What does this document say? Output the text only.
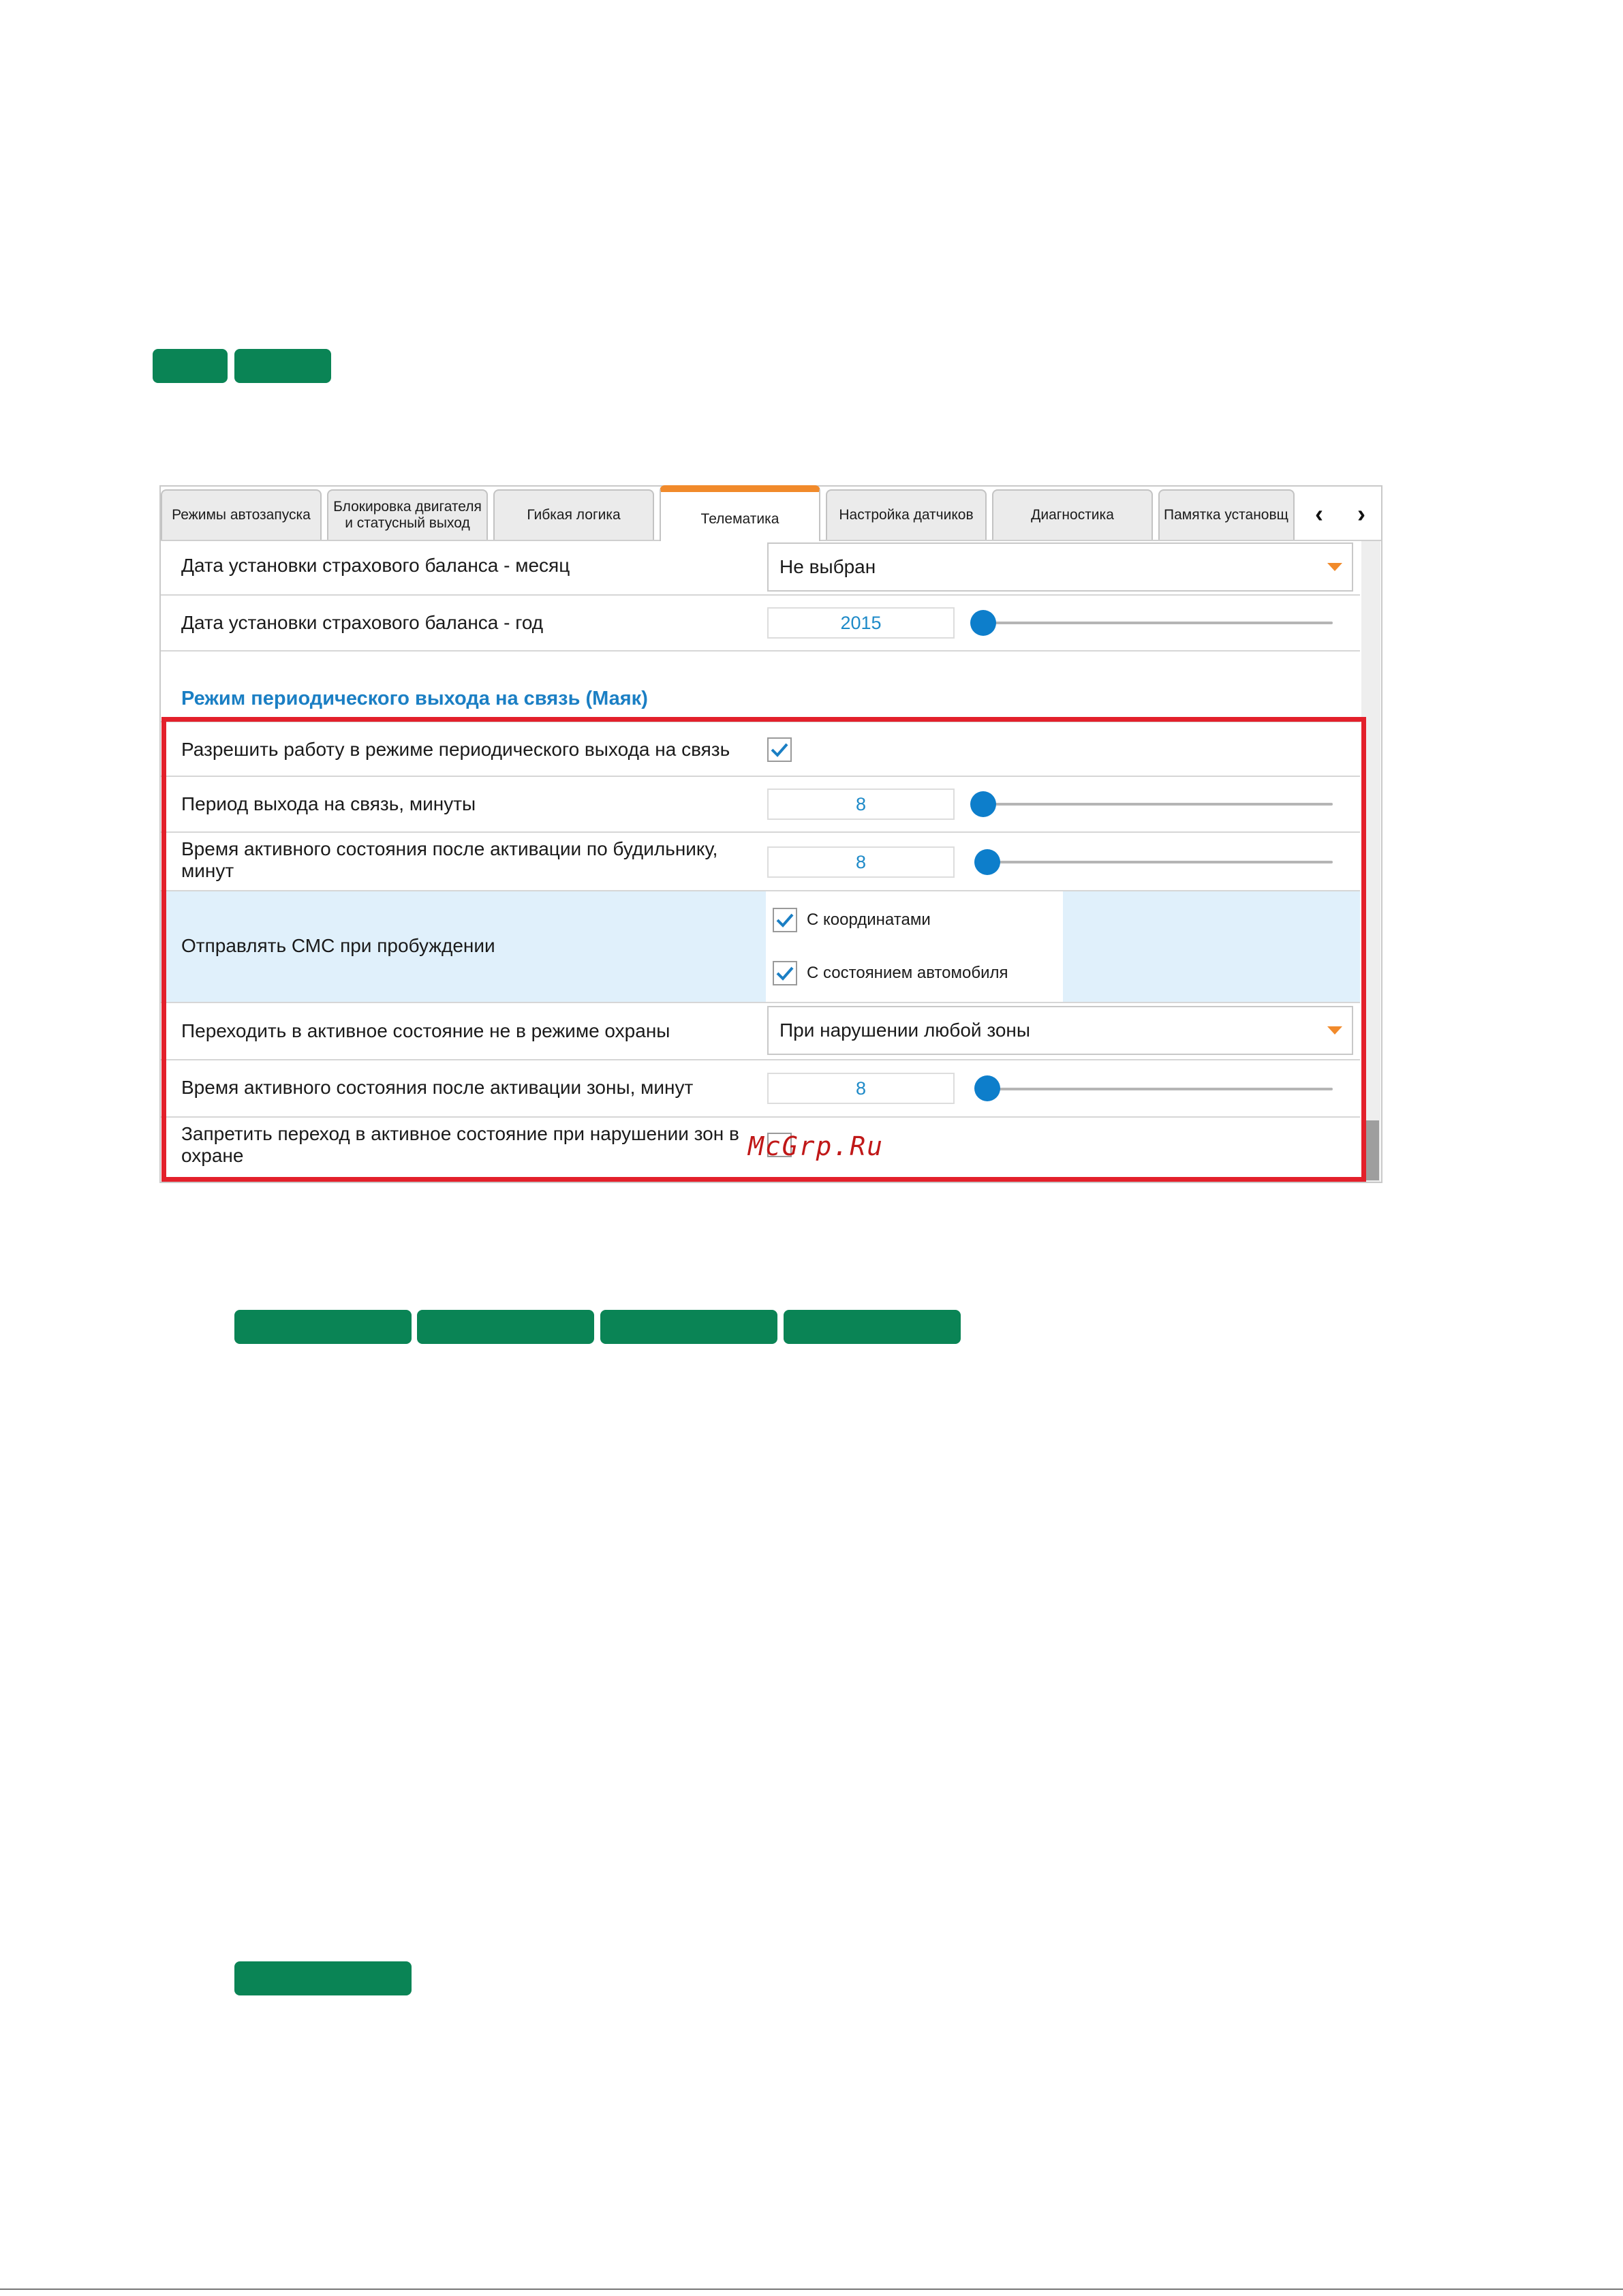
Режимы автозапуска
Блокировка двигателя и статусный выход
Гибкая логика	Телематика	Настройка датчиков	Диагностика	Памятка установщ	‹	›
Дата установки страхового баланса - месяц	Не выбран
Дата установки страхового баланса - год	2015
Режим периодического выхода на связь (Маяк)
Разрешить работу в режиме периодического выхода на связь
Период выхода на связь, минуты	8
Время активного состояния после активации по будильнику, минут	8
Отправлять СМС при пробуждении
С координатами
С состоянием автомобиля
Переходить в активное состояние не в режиме охраны	При нарушении любой зоны
Время активного состояния после активации зоны, минут	8
Запретить переход в активное состояние при нарушении зон в охране	McGrp.Ru
